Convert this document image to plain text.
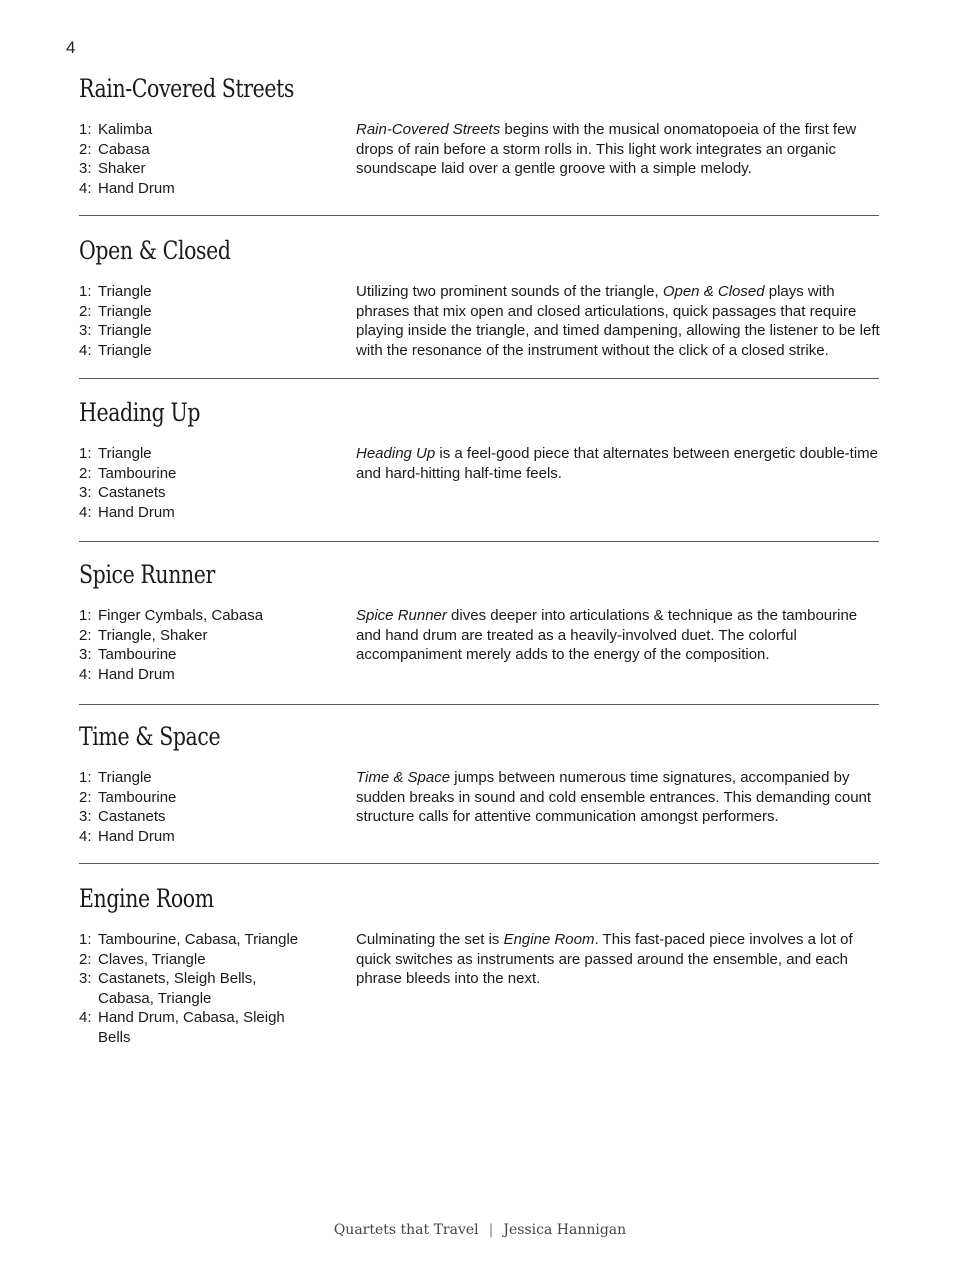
4
Rain-Covered Streets
1: Kalimba
2: Cabasa
3: Shaker
4: Hand Drum

Rain-Covered Streets begins with the musical onomatopoeia of the first few drops of rain before a storm rolls in. This light work integrates an organic soundscape laid over a gentle groove with a simple melody.

Open & Closed
1: Triangle
2: Triangle
3: Triangle
4: Triangle

Utilizing two prominent sounds of the triangle, Open & Closed plays with phrases that mix open and closed articulations, quick passages that require playing inside the triangle, and timed dampening, allowing the listener to be left with the resonance of the instrument without the click of a closed strike.

Heading Up
1: Triangle
2: Tambourine
3: Castanets
4: Hand Drum

Heading Up is a feel-good piece that alternates between energetic double-time and hard-hitting half-time feels.

Spice Runner
1: Finger Cymbals, Cabasa
2: Triangle, Shaker
3: Tambourine
4: Hand Drum

Spice Runner dives deeper into articulations & technique as the tambourine and hand drum are treated as a heavily-involved duet. The colorful accompaniment merely adds to the energy of the composition.

Time & Space
1: Triangle
2: Tambourine
3: Castanets
4: Hand Drum

Time & Space jumps between numerous time signatures, accompanied by sudden breaks in sound and cold ensemble entrances. This demanding count structure calls for attentive communication amongst performers.

Engine Room
1: Tambourine, Cabasa, Triangle
2: Claves, Triangle
3: Castanets, Sleigh Bells, Cabasa, Triangle
4: Hand Drum, Cabasa, Sleigh Bells

Culminating the set is Engine Room. This fast-paced piece involves a lot of quick switches as instruments are passed around the ensemble, and each phrase bleeds into the next.

Quartets that Travel | Jessica Hannigan
